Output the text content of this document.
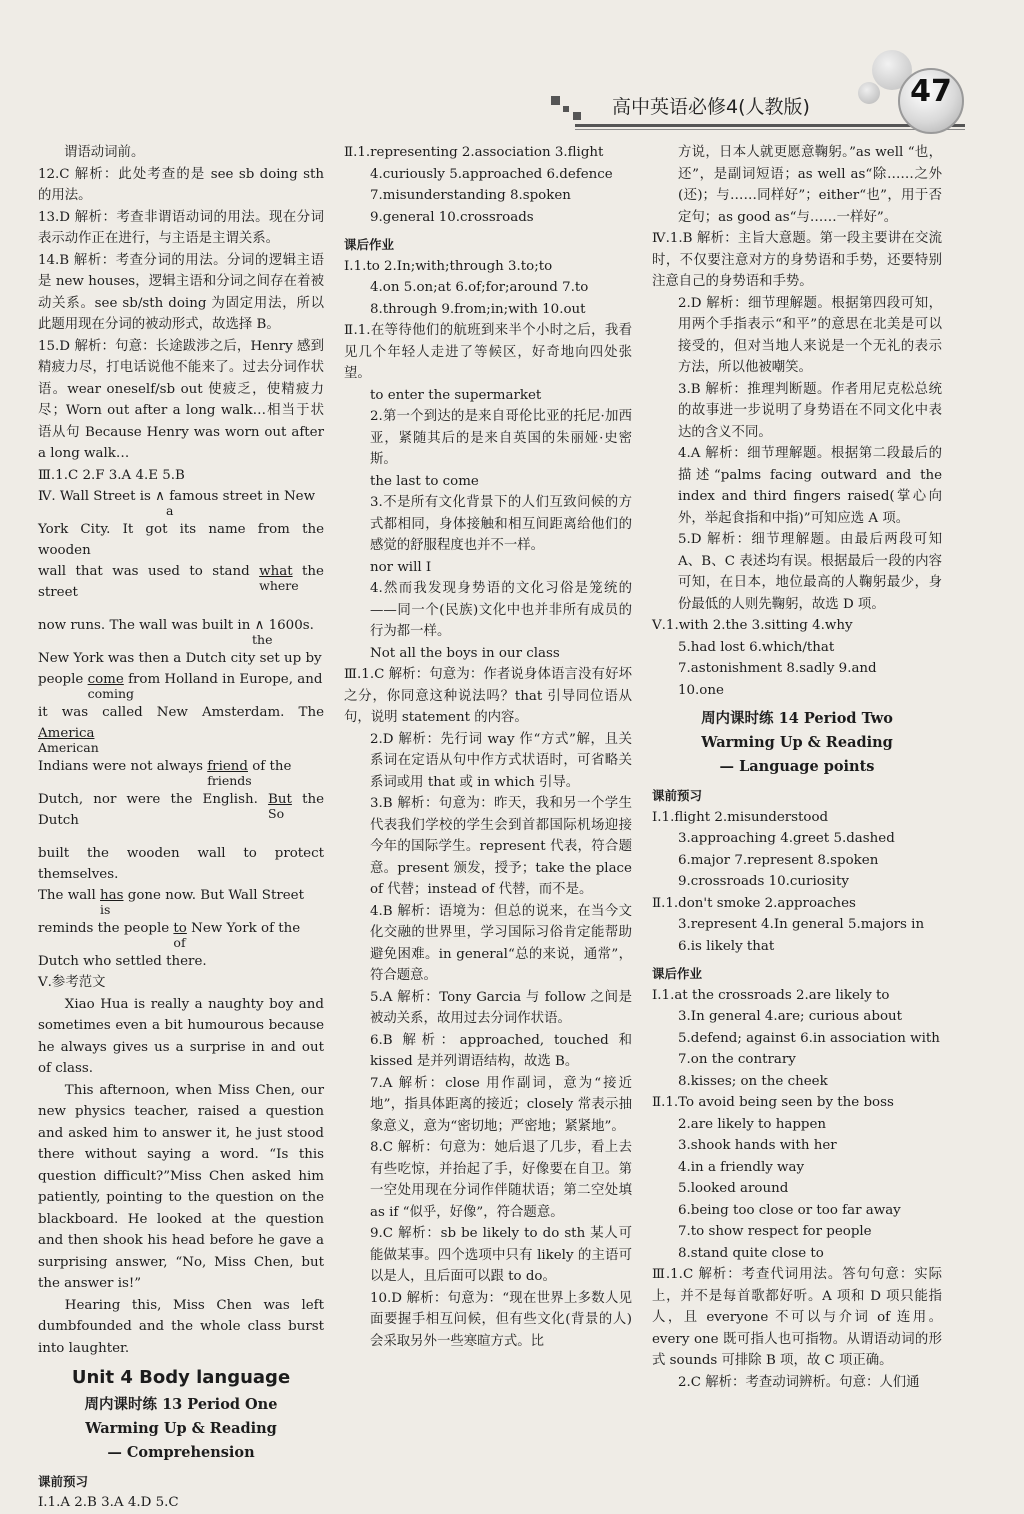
高中英语必修4(人教版)	47

谓语动词前。

12.C 解析：此处考查的是 see sb doing sth 的用法。

13.D 解析：考查非谓语动词的用法。现在分词表示动作正在进行，与主语是主谓关系。

14.B 解析：考查分词的用法。分词的逻辑主语是 new houses，逻辑主语和分词之间存在着被动关系。see sb/sth doing 为固定用法，所以此题用现在分词的被动形式，故选择 B。

15.D 解析：句意：长途跋涉之后，Henry 感到精疲力尽，打电话说他不能来了。过去分词作状语。wear oneself/sb out 使疲乏，使精疲力尽；Worn out after a long walk…相当于状语从句 Because Henry was worn out after a long walk…

Ⅲ.1.C 2.F 3.A 4.E 5.B

Ⅳ. Wall Street is ∧ famous street in New
a

York City. It got its name from the wooden

wall that was used to stand what
where
the street

now runs. The wall was built in ∧ 1600s.
the

New York was then a Dutch city set up by

people come
coming
from Holland in Europe, and

it was called New Amsterdam. The America
American

Indians were not always friend
friends
of the

Dutch, nor were the English. But
So
the Dutch

built the wooden wall to protect themselves.

The wall has
is
gone now. But Wall Street

reminds the people to
of
New York of the

Dutch who settled there.

Ⅴ.参考范文

Xiao Hua is really a naughty boy and sometimes even a bit humourous because he always gives us a surprise in and out of class.

This afternoon, when Miss Chen, our new physics teacher, raised a question and asked him to answer it, he just stood there without saying a word. “Is this question difficult?”Miss Chen asked him patiently, pointing to the question on the blackboard. He looked at the question and then shook his head before he gave a surprising answer, “No, Miss Chen, but the answer is!”

Hearing this, Miss Chen was left dumbfounded and the whole class burst into laughter.

Unit 4 Body language
周内课时练 13 Period One
Warming Up & Reading
— Comprehension
课前预习

Ⅰ.1.A 2.B 3.A 4.D 5.C

Ⅱ.1.representing 2.association 3.flight

4.curiously 5.approached 6.defence

7.misunderstanding 8.spoken

9.general 10.crossroads

课后作业

Ⅰ.1.to 2.In;with;through 3.to;to

4.on 5.on;at 6.of;for;around 7.to

8.through 9.from;in;with 10.out

Ⅱ.1.在等待他们的航班到来半个小时之后，我看见几个年轻人走进了等候区，好奇地向四处张望。

to enter the supermarket

2.第一个到达的是来自哥伦比亚的托尼·加西亚，紧随其后的是来自英国的朱丽娅·史密斯。

the last to come

3.不是所有文化背景下的人们互致问候的方式都相同，身体接触和相互间距离给他们的感觉的舒服程度也并不一样。

nor will I

4.然而我发现身势语的文化习俗是笼统的——同一个(民族)文化中也并非所有成员的行为都一样。

Not all the boys in our class

Ⅲ.1.C 解析：句意为：作者说身体语言没有好坏之分，你同意这种说法吗？that 引导同位语从句，说明 statement 的内容。

2.D 解析：先行词 way 作“方式”解，且关系词在定语从句中作方式状语时，可省略关系词或用 that 或 in which 引导。

3.B 解析：句意为：昨天，我和另一个学生代表我们学校的学生会到首都国际机场迎接今年的国际学生。represent 代表，符合题意。present 颁发，授予；take the place of 代替；instead of 代替，而不是。

4.B 解析：语境为：但总的说来，在当今文化交融的世界里，学习国际习俗肯定能帮助避免困难。in general“总的来说，通常”，符合题意。

5.A 解析：Tony Garcia 与 follow 之间是被动关系，故用过去分词作状语。

6.B 解析：approached, touched 和 kissed 是并列谓语结构，故选 B。

7.A 解析：close 用作副词，意为“接近地”，指具体距离的接近；closely 常表示抽象意义，意为“密切地；严密地；紧紧地”。

8.C 解析：句意为：她后退了几步，看上去有些吃惊，并抬起了手，好像要在自卫。第一空处用现在分词作伴随状语；第二空处填 as if “似乎，好像”，符合题意。

9.C 解析：sb be likely to do sth 某人可能做某事。四个选项中只有 likely 的主语可以是人，且后面可以跟 to do。

10.D 解析：句意为：“现在世界上多数人见面要握手相互问候，但有些文化(背景的人)会采取另外一些寒暄方式。比

方说，日本人就更愿意鞠躬。”as well “也，还”，是副词短语；as well as“除……之外(还)；与……同样好”；either“也”，用于否定句；as good as“与……一样好”。

Ⅳ.1.B 解析：主旨大意题。第一段主要讲在交流时，不仅要注意对方的身势语和手势，还要特别注意自己的身势语和手势。

2.D 解析：细节理解题。根据第四段可知，用两个手指表示“和平”的意思在北美是可以接受的，但对当地人来说是一个无礼的表示方法，所以他被嘲笑。

3.B 解析：推理判断题。作者用尼克松总统的故事进一步说明了身势语在不同文化中表达的含义不同。

4.A 解析：细节理解题。根据第二段最后的描述“palms facing outward and the index and third fingers raised(掌心向外，举起食指和中指)”可知应选 A 项。

5.D 解析：细节理解题。由最后两段可知 A、B、C 表述均有误。根据最后一段的内容可知，在日本，地位最高的人鞠躬最少，身份最低的人则先鞠躬，故选 D 项。

Ⅴ.1.with 2.the 3.sitting 4.why

5.had lost 6.which/that

7.astonishment 8.sadly 9.and

10.one

周内课时练 14 Period Two
Warming Up & Reading
— Language points
课前预习

Ⅰ.1.flight 2.misunderstood

3.approaching 4.greet 5.dashed

6.major 7.represent 8.spoken

9.crossroads 10.curiosity

Ⅱ.1.don't smoke 2.approaches

3.represent 4.In general 5.majors in

6.is likely that

课后作业

Ⅰ.1.at the crossroads 2.are likely to

3.In general 4.are; curious about

5.defend; against 6.in association with

7.on the contrary

8.kisses; on the cheek

Ⅱ.1.To avoid being seen by the boss

2.are likely to happen

3.shook hands with her

4.in a friendly way

5.looked around

6.being too close or too far away

7.to show respect for people

8.stand quite close to

Ⅲ.1.C 解析：考查代词用法。答句句意：实际上，并不是每首歌都好听。A 项和 D 项只能指人，且 everyone 不可以与介词 of 连用。every one 既可指人也可指物。从谓语动词的形式 sounds 可排除 B 项，故 C 项正确。

2.C 解析：考查动词辨析。句意：人们通
